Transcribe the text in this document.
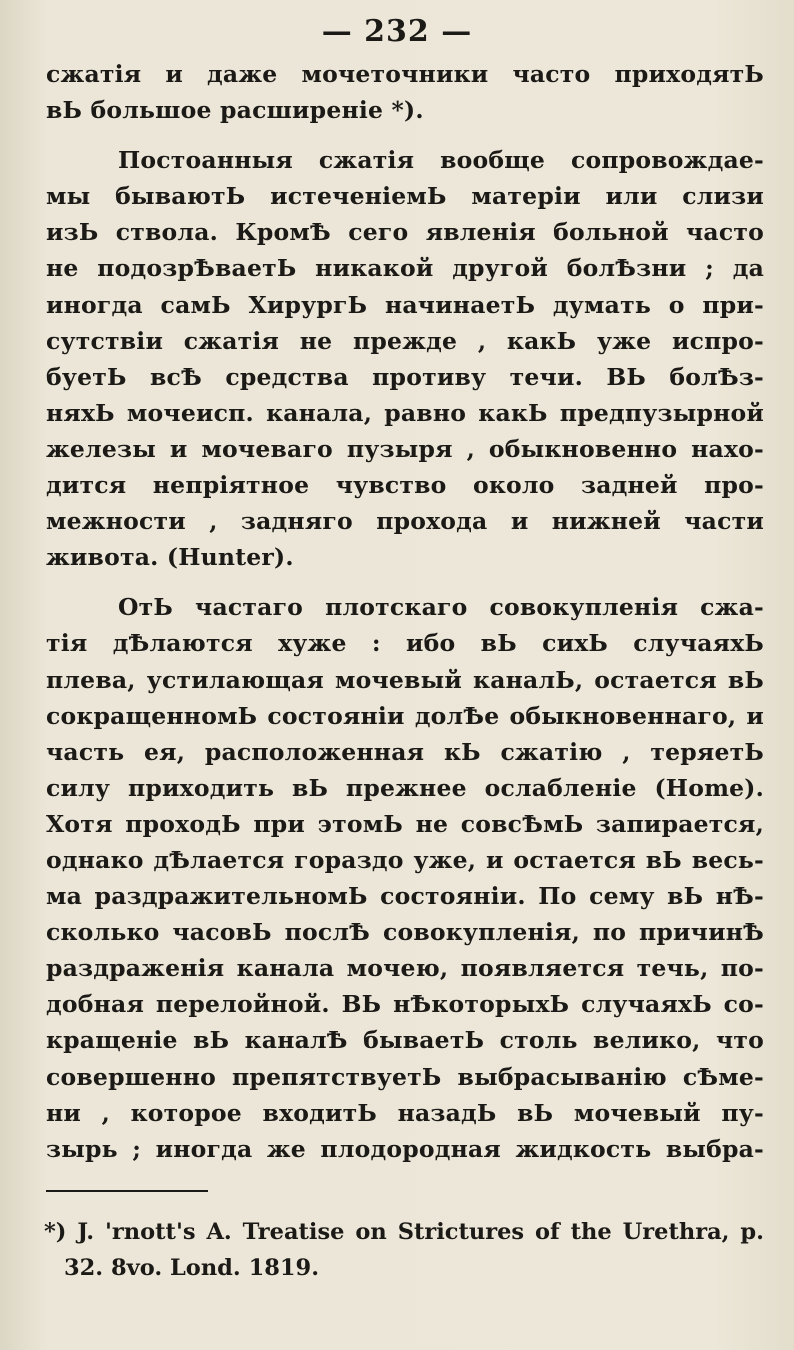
— 232 —
сжатія и даже мочеточники часто приходятЬ
вЬ большое расширеніе *).
Постоанныя сжатія вообще сопровождае-
мы бываютЬ истеченіемЬ матеріи или слизи
изЬ ствола. КромѢ сего явленія больной часто
не подозрѢваетЬ никакой другой болѢзни ; да
иногда самЬ ХирургЬ начинаетЬ думать о при-
сутствіи сжатія не прежде , какЬ уже испро-
буетЬ всѢ средства противу течи. ВЬ болѢз-
няхЬ мочеисп. канала, равно какЬ предпузырной
железы и мочеваго пузыря , обыкновенно нахо-
дится непріятное чувство около задней про-
межности , задняго прохода и нижней части
живота. (Hunter).
ОтЬ частаго плотскаго совокупленія сжа-
тія дѢлаются хуже : ибо вЬ сихЬ случаяхЬ
плева, устилающая мочевый каналЬ, остается вЬ
сокращенномЬ состояніи долѢе обыкновеннаго, и
часть ея, расположенная кЬ сжатію , теряетЬ
силу приходить вЬ прежнее ослабленіе (Home).
Хотя проходЬ при этомЬ не совсѢмЬ запирается,
однако дѢлается гораздо уже, и остается вЬ весь-
ма раздражительномЬ состояніи. По сему вЬ нѢ-
сколько часовЬ послѢ совокупленія, по причинѢ
раздраженія канала мочею, появляется течь, по-
добная перелойной. ВЬ нѢкоторыхЬ случаяхЬ со-
кращеніе вЬ каналѢ бываетЬ столь велико, что
совершенно препятствуетЬ выбрасыванію сѢме-
ни , которое входитЬ назадЬ вЬ мочевый пу-
зырь ; иногда же плодородная жидкость выбра-
*) J. 'rnott's A. Treatise on Strictures of the Urethra, p.
32. 8vo. Lond. 1819.
